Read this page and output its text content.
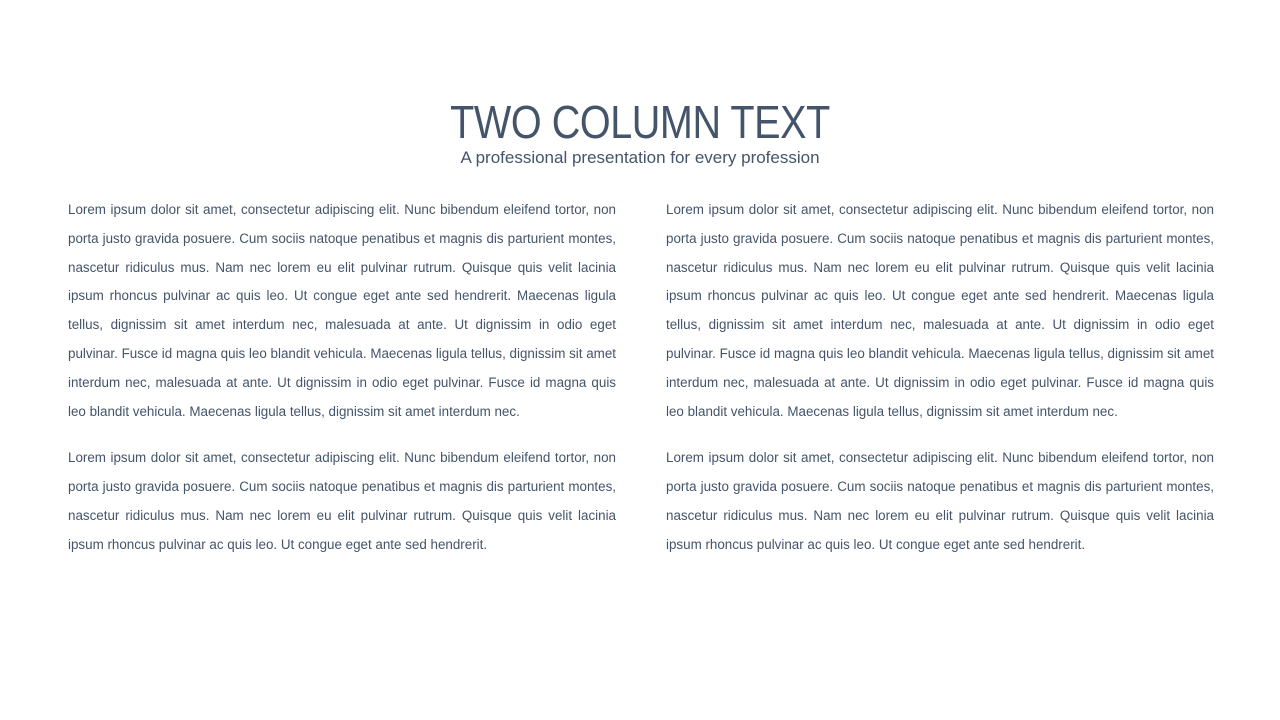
TWO COLUMN TEXT
A professional presentation for every profession

Lorem ipsum dolor sit amet, consectetur adipiscing elit. Nunc bibendum eleifend tortor, non porta justo gravida posuere. Cum sociis natoque penatibus et magnis dis parturient montes, nascetur ridiculus mus. Nam nec lorem eu elit pulvinar rutrum. Quisque quis velit lacinia ipsum rhoncus pulvinar ac quis leo. Ut congue eget ante sed hendrerit. Maecenas ligula tellus, dignissim sit amet interdum nec, malesuada at ante. Ut dignissim in odio eget pulvinar. Fusce id magna quis leo blandit vehicula. Maecenas ligula tellus, dignissim sit amet interdum nec, malesuada at ante. Ut dignissim in odio eget pulvinar. Fusce id magna quis leo blandit vehicula. Maecenas ligula tellus, dignissim sit amet interdum nec.

Lorem ipsum dolor sit amet, consectetur adipiscing elit. Nunc bibendum eleifend tortor, non porta justo gravida posuere. Cum sociis natoque penatibus et magnis dis parturient montes, nascetur ridiculus mus. Nam nec lorem eu elit pulvinar rutrum. Quisque quis velit lacinia ipsum rhoncus pulvinar ac quis leo. Ut congue eget ante sed hendrerit.

Lorem ipsum dolor sit amet, consectetur adipiscing elit. Nunc bibendum eleifend tortor, non porta justo gravida posuere. Cum sociis natoque penatibus et magnis dis parturient montes, nascetur ridiculus mus. Nam nec lorem eu elit pulvinar rutrum. Quisque quis velit lacinia ipsum rhoncus pulvinar ac quis leo. Ut congue eget ante sed hendrerit. Maecenas ligula tellus, dignissim sit amet interdum nec, malesuada at ante. Ut dignissim in odio eget pulvinar. Fusce id magna quis leo blandit vehicula. Maecenas ligula tellus, dignissim sit amet interdum nec, malesuada at ante. Ut dignissim in odio eget pulvinar. Fusce id magna quis leo blandit vehicula. Maecenas ligula tellus, dignissim sit amet interdum nec.

Lorem ipsum dolor sit amet, consectetur adipiscing elit. Nunc bibendum eleifend tortor, non porta justo gravida posuere. Cum sociis natoque penatibus et magnis dis parturient montes, nascetur ridiculus mus. Nam nec lorem eu elit pulvinar rutrum. Quisque quis velit lacinia ipsum rhoncus pulvinar ac quis leo. Ut congue eget ante sed hendrerit.
